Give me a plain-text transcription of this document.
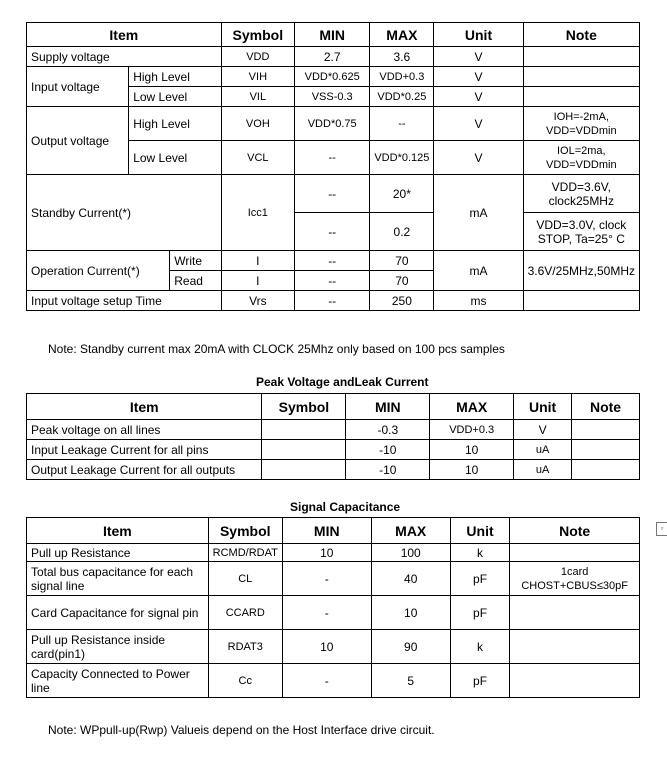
Item			Symbol	MIN	MAX	Unit	Note
Supply voltage			VDD	2.7	3.6	V	
Input voltage	High Level		VIH	VDD*0.625	VDD+0.3	V	
	Low Level		VIL	VSS-0.3	VDD*0.25	V	
Output voltage	High Level		VOH	VDD*0.75	--	V	IOH=-2mA,
VDD=VDDmin

	Low Level		VCL	--	VDD*0.125	V	IOL=2ma,
VDD=VDDmin

Standby Current(*)			Icc1	--	20*	mA	VDD=3.6V,
clock25MHz

				--	0.2		VDD=3.0V, clock
STOP, Ta=25° C

Operation Current(*)		Write	I	--	70	mA	3.6V/25MHz,50MHz
		Read	I	--	70		
Input voltage setup Time			Vrs	--	250	ms	
Note: Standby current max 20mA with CLOCK 25Mhz only based on 100 pcs samples
Peak Voltage andLeak Current
Item	Symbol	MIN	MAX	Unit	Note
Peak voltage on all lines		-0.3	VDD+0.3	V	
Input Leakage Current for all pins		-10	10	uA	
Output Leakage Current for all outputs		-10	10	uA	
Signal Capacitance
Item	Symbol	MIN	MAX	Unit	Note
Pull up Resistance	RCMD/RDAT	10	100	k	
Total bus capacitance for each signal line	CL	-	40	pF	1card
CHOST+CBUS≤30pF

Card Capacitance for signal pin	CCARD	-	10	pF	
Pull up Resistance inside card(pin1)	RDAT3	10	90	k	
Capacity Connected to Power line	Cc	-	5	pF	
Note: WPpull-up(Rwp) Valueis depend on the Host Interface drive circuit.
▫
